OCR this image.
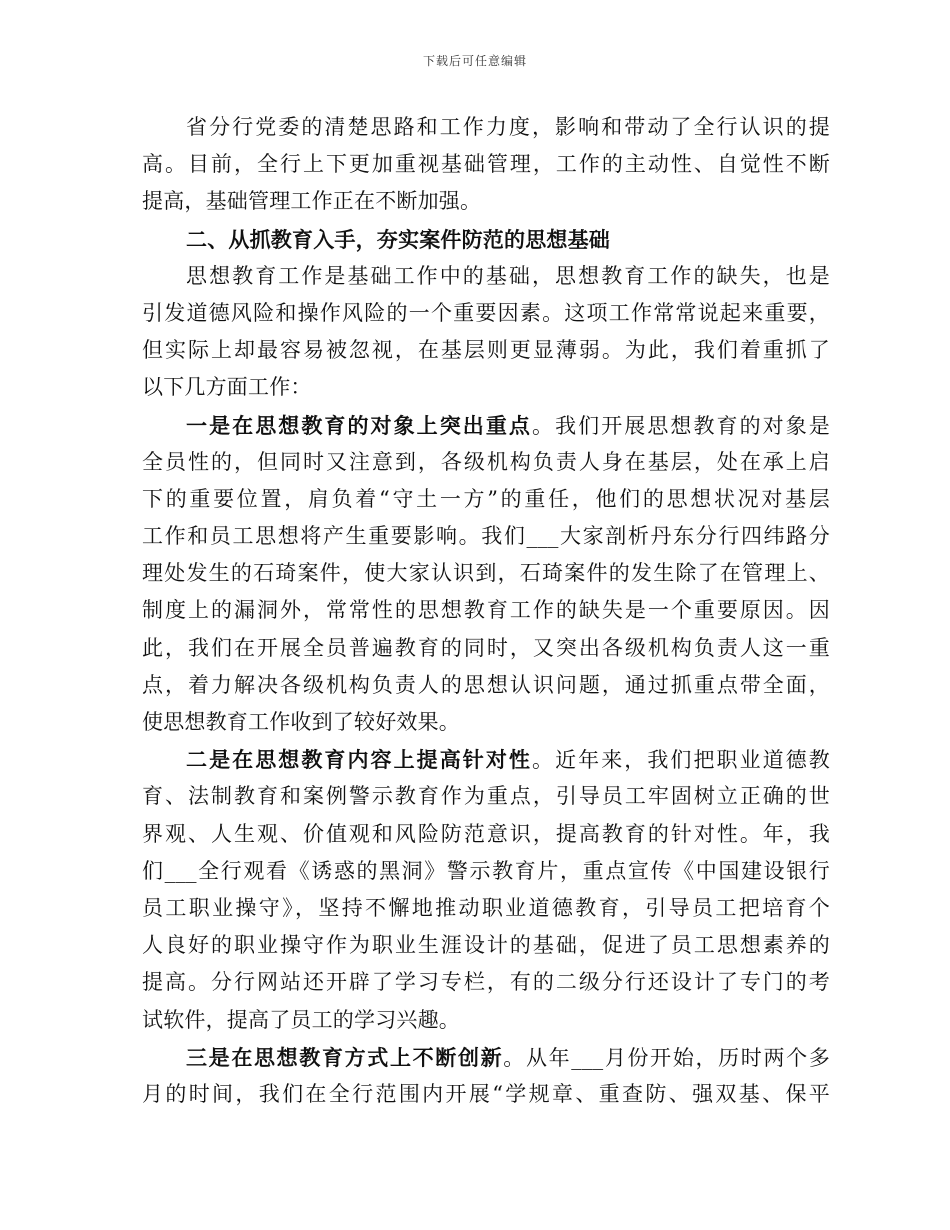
下载后可任意编辑
省分行党委的清楚思路和工作力度，影响和带动了全行认识的提
高。目前，全行上下更加重视基础管理，工作的主动性、自觉性不断
提高，基础管理工作正在不断加强。
二、从抓教育入手，夯实案件防范的思想基础
思想教育工作是基础工作中的基础，思想教育工作的缺失，也是
引发道德风险和操作风险的一个重要因素。这项工作常常说起来重要，
但实际上却最容易被忽视，在基层则更显薄弱。为此，我们着重抓了
以下几方面工作：
一是在思想教育的对象上突出重点。我们开展思想教育的对象是
全员性的，但同时又注意到，各级机构负责人身在基层，处在承上启
下的重要位置，肩负着“守土一方”的重任，他们的思想状况对基层
工作和员工思想将产生重要影响。我们___大家剖析丹东分行四纬路分
理处发生的石琦案件，使大家认识到，石琦案件的发生除了在管理上、
制度上的漏洞外，常常性的思想教育工作的缺失是一个重要原因。因
此，我们在开展全员普遍教育的同时，又突出各级机构负责人这一重
点，着力解决各级机构负责人的思想认识问题，通过抓重点带全面，
使思想教育工作收到了较好效果。
二是在思想教育内容上提高针对性。近年来，我们把职业道德教
育、法制教育和案例警示教育作为重点，引导员工牢固树立正确的世
界观、人生观、价值观和风险防范意识，提高教育的针对性。年，我
们___全行观看《诱惑的黑洞》警示教育片，重点宣传《中国建设银行
员工职业操守》，坚持不懈地推动职业道德教育，引导员工把培育个
人良好的职业操守作为职业生涯设计的基础，促进了员工思想素养的
提高。分行网站还开辟了学习专栏，有的二级分行还设计了专门的考
试软件，提高了员工的学习兴趣。
三是在思想教育方式上不断创新。从年___月份开始，历时两个多
月的时间，我们在全行范围内开展“学规章、重查防、强双基、保平
